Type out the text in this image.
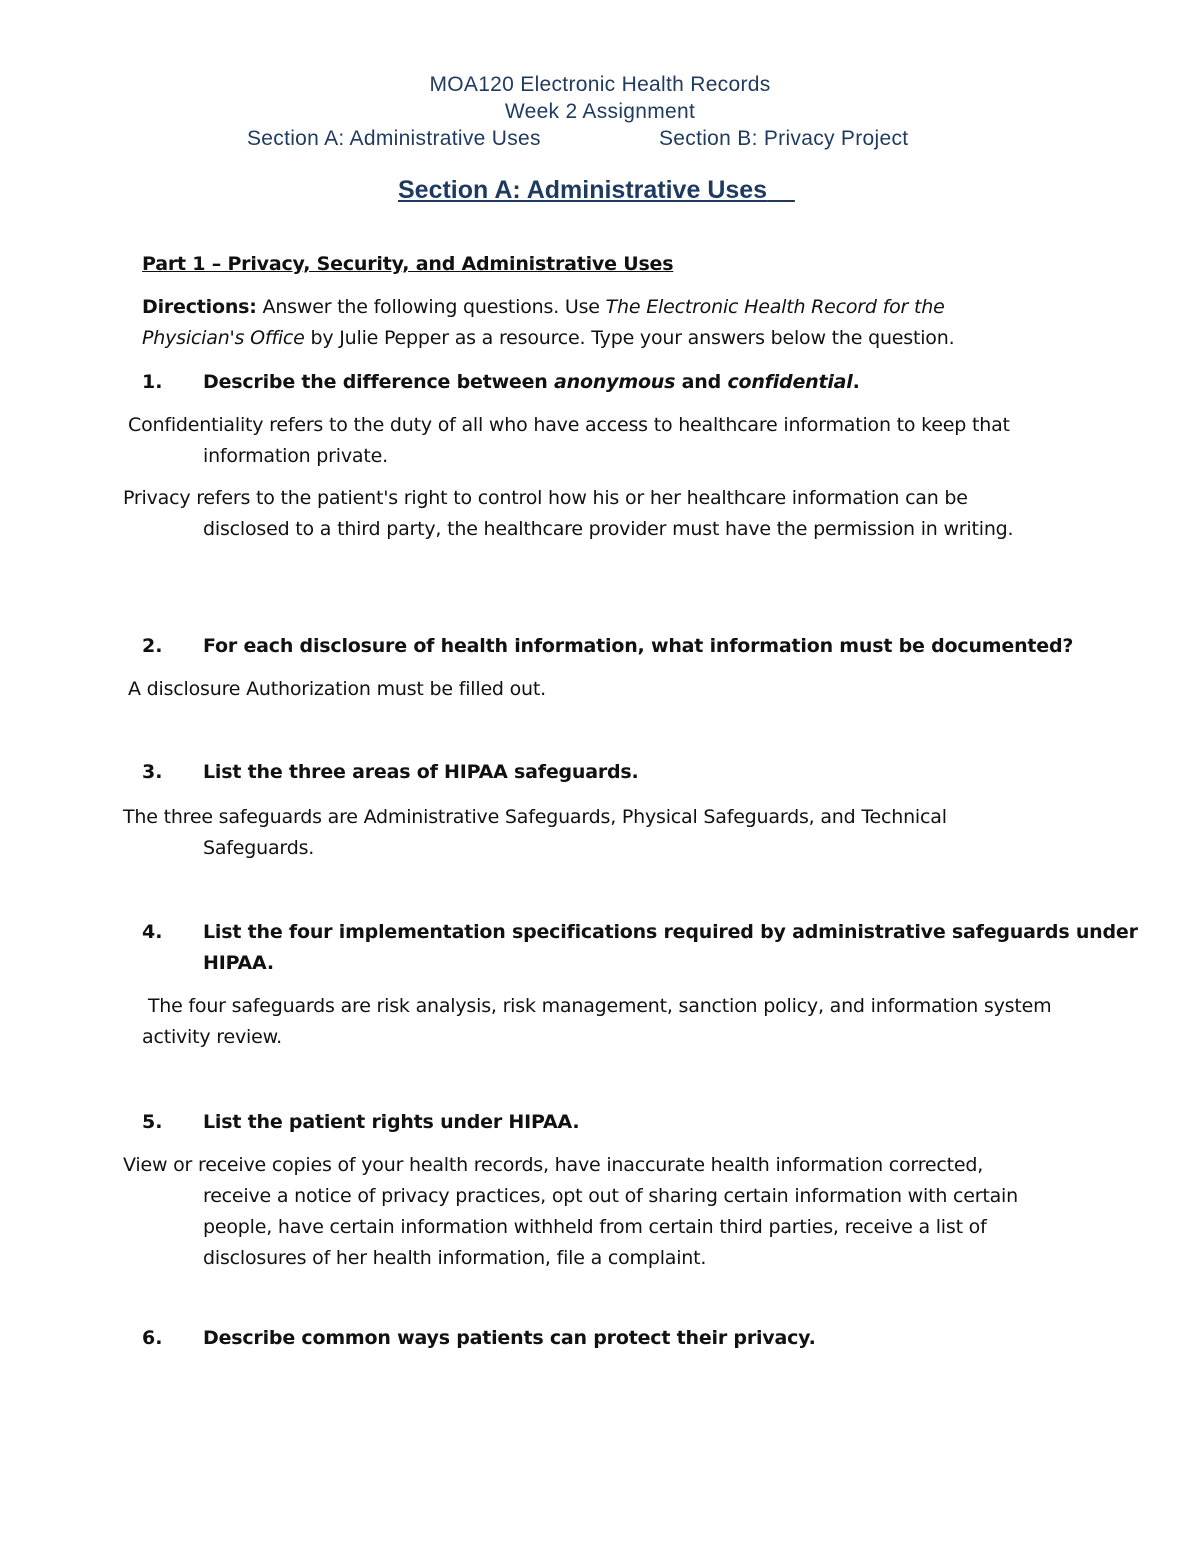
MOA120 Electronic Health Records
Week 2 Assignment
Section A: Administrative Uses	Section B: Privacy Project
Section A: Administrative Uses
Part 1 – Privacy, Security, and Administrative Uses
Directions: Answer the following questions. Use The Electronic Health Record for the
Physician's Office by Julie Pepper as a resource. Type your answers below the question.
1. Describe the difference between anonymous and confidential.
Confidentiality refers to the duty of all who have access to healthcare information to keep that
information private.
Privacy refers to the patient's right to control how his or her healthcare information can be
disclosed to a third party, the healthcare provider must have the permission in writing.
2. For each disclosure of health information, what information must be documented?
A disclosure Authorization must be filled out.
3. List the three areas of HIPAA safeguards.
The three safeguards are Administrative Safeguards, Physical Safeguards, and Technical
Safeguards.
4. List the four implementation specifications required by administrative safeguards under
HIPAA.
The four safeguards are risk analysis, risk management, sanction policy, and information system
activity review.
5. List the patient rights under HIPAA.
View or receive copies of your health records, have inaccurate health information corrected,
receive a notice of privacy practices, opt out of sharing certain information with certain
people, have certain information withheld from certain third parties, receive a list of
disclosures of her health information, file a complaint.
6. Describe common ways patients can protect their privacy.
